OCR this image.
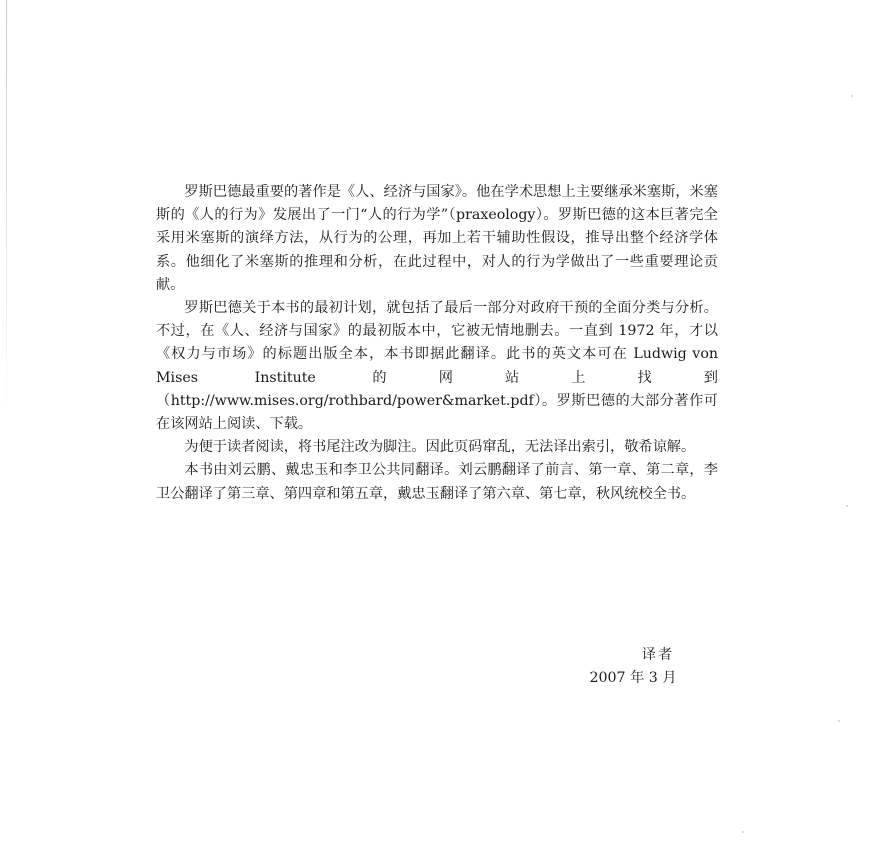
罗斯巴德最重要的著作是《人、经济与国家》。他在学术思想上主要继承米塞斯，米塞斯的《人的行为》发展出了一门“人的行为学”（praxeology）。罗斯巴德的这本巨著完全采用米塞斯的演绎方法，从行为的公理，再加上若干辅助性假设，推导出整个经济学体系。他细化了米塞斯的推理和分析，在此过程中，对人的行为学做出了一些重要理论贡献。

罗斯巴德关于本书的最初计划，就包括了最后一部分对政府干预的全面分类与分析。不过，在《人、经济与国家》的最初版本中，它被无情地删去。一直到 1972 年，才以《权力与市场》的标题出版全本，本书即据此翻译。此书的英文本可在 Ludwig von Mises Institute 的网站上找到（http://www.mises.org/rothbard/power&market.pdf）。罗斯巴德的大部分著作可在该网站上阅读、下载。

为便于读者阅读，将书尾注改为脚注。因此页码窜乱，无法译出索引，敬希谅解。

本书由刘云鹏、戴忠玉和李卫公共同翻译。刘云鹏翻译了前言、第一章、第二章，李卫公翻译了第三章、第四章和第五章，戴忠玉翻译了第六章、第七章，秋风统校全书。

译者
2007 年 3 月
